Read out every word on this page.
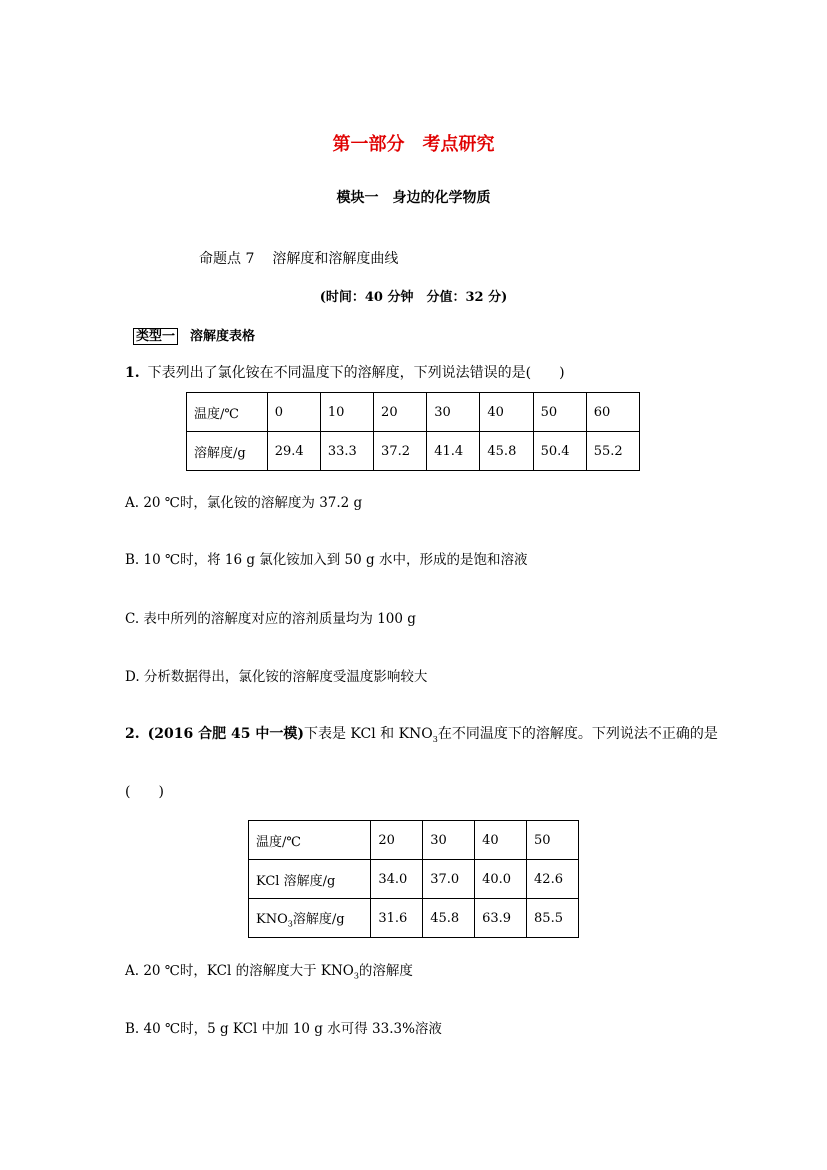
第一部分　考点研究
模块一　身边的化学物质
命题点 7 溶解度和溶解度曲线
(时间：40 分钟　分值：32 分)
类型一 溶解度表格
1. 下表列出了氯化铵在不同温度下的溶解度，下列说法错误的是(　　)
温度/℃	0	10	20	30	40	50	60
溶解度/g	29.4	33.3	37.2	41.4	45.8	50.4	55.2
A. 20 ℃时，氯化铵的溶解度为 37.2 g
B. 10 ℃时，将 16 g 氯化铵加入到 50 g 水中，形成的是饱和溶液
C. 表中所列的溶解度对应的溶剂质量均为 100 g
D. 分析数据得出，氯化铵的溶解度受温度影响较大
2. (2016 合肥 45 中一模)下表是 KCl 和 $KNO_3$在不同温度下的溶解度。下列说法不正确的是
(　　)
温度/℃	20	30	40	50
KCl 溶解度/g	34.0	37.0	40.0	42.6
$KNO_3$溶解度/g	31.6	45.8	63.9	85.5
A. 20 ℃时，KCl 的溶解度大于 $KNO_3$的溶解度
B. 40 ℃时，5 g KCl 中加 10 g 水可得 33.3%溶液
